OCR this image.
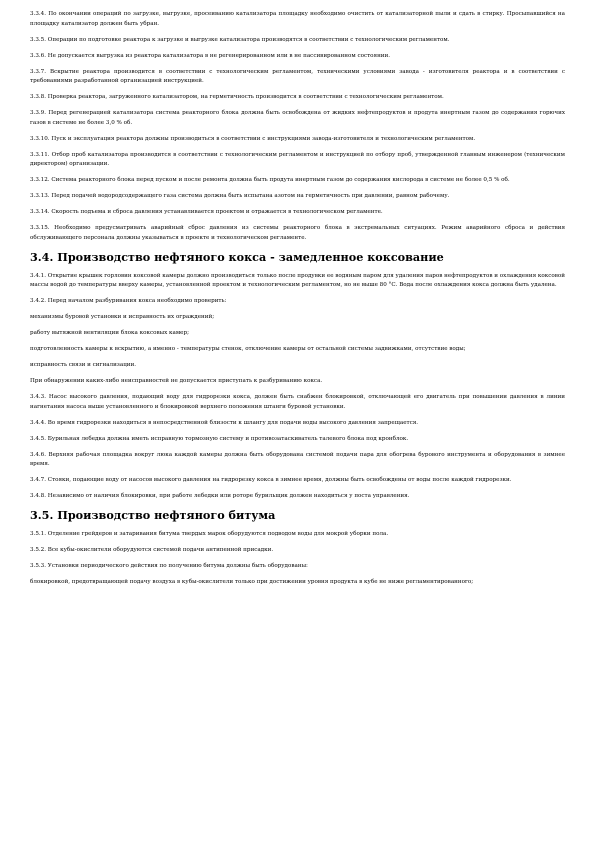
3.3.4. По окончании операций по загрузке, выгрузке, просеиванию катализатора площадку необходимо очистить от катализаторной пыли и сдать в стирку. Просыпавшийся на площадку катализатор должен быть убран.

3.3.5. Операции по подготовке реактора к загрузке и выгрузке катализатора производятся в соответствии с технологическим регламентом.

3.3.6. Не допускается выгрузка из реактора катализатора в не регенерированном или в не пассивированном состоянии.

3.3.7. Вскрытие реактора производится в соответствии с технологическим регламентом, техническими условиями завода - изготовителя реактора и в соответствии с требованиями разработанной организацией инструкцией.

3.3.8. Проверка реактора, загруженного катализатором, на герметичность производится в соответствии с технологическим регламентом.

3.3.9. Перед регенерацией катализатора система реакторного блока должна быть освобождена от жидких нефтепродуктов и продута инертным газом до содержания горючих газов в системе не более 3,0 % об.

3.3.10. Пуск и эксплуатация реактора должны производиться в соответствии с инструкциями завода-изготовителя и технологическим регламентом.

3.3.11. Отбор проб катализатора производится в соответствии с технологическим регламентом и инструкцией по отбору проб, утвержденной главным инженером (техническим директором) организации.

3.3.12. Система реакторного блока перед пуском и после ремонта должна быть продута инертным газом до содержания кислорода в системе не более 0,5 % об.

3.3.13. Перед подачей водородсодержащего газа система должна быть испытана азотом на герметичность при давлении, равном рабочему.

3.3.14. Скорость подъема и сброса давления устанавливается проектом и отражается в технологическом регламенте.

3.3.15. Необходимо предусматривать аварийный сброс давления из системы реакторного блока в экстремальных ситуациях. Режим аварийного сброса и действия обслуживающего персонала должны указываться в проекте и технологическом регламенте.

3.4. Производство нефтяного кокса - замедленное коксование

3.4.1. Открытие крышек горловин коксовой камеры должно производиться только после продувки ее водяным паром для удаления паров нефтепродуктов и охлаждения коксовой массы водой до температуры вверху камеры, установленной проектом и технологическим регламентом, но не выше 80 °С. Вода после охлаждения кокса должна быть удалена.

3.4.2. Перед началом разбуривания кокса необходимо проверить:

механизмы буровой установки и исправность их ограждений;

работу вытяжной вентиляции блока коксовых камер;

подготовленность камеры к вскрытию, а именно - температуры стенок, отключение камеры от остальной системы задвижками, отсутствие воды;

исправность связи и сигнализации.

При обнаружении каких-либо неисправностей не допускается приступать к разбуриванию кокса.

3.4.3. Насос высокого давления, подающий воду для гидрорезки кокса, должен быть снабжен блокировкой, отключающей его двигатель при повышении давления в линии нагнетания насоса выше установленного и блокировкой верхнего положения штанги буровой установки.

3.4.4. Во время гидрорезки находиться в непосредственной близости к шлангу для подачи воды высокого давления запрещается.

3.4.5. Бурильная лебедка должна иметь исправную тормозную систему и противозатаскиватель талевого блока под кронблок.

3.4.6. Верхняя рабочая площадка вокруг люка каждой камеры должна быть оборудована системой подачи пара для обогрева бурового инструмента и оборудования в зимнее время.

3.4.7. Стояки, подающие воду от насосов высокого давления на гидрорезку кокса в зимнее время, должны быть освобождены от воды после каждой гидрорезки.

3.4.8. Независимо от наличия блокировки, при работе лебедки или роторе бурильщик должен находиться у поста управления.

3.5. Производство нефтяного битума

3.5.1. Отделение грейдеров и затаривания битума твердых марок оборудуются подводом воды для мокрой уборки пола.

3.5.2. Все кубы-окислители оборудуются системой подачи антипенной присадки.

3.5.3. Установки периодического действия по получению битума должны быть оборудованы:

блокировкой, предотвращающей подачу воздуха в кубы-окислители только при достижении уровня продукта в кубе не ниже регламентированного;
